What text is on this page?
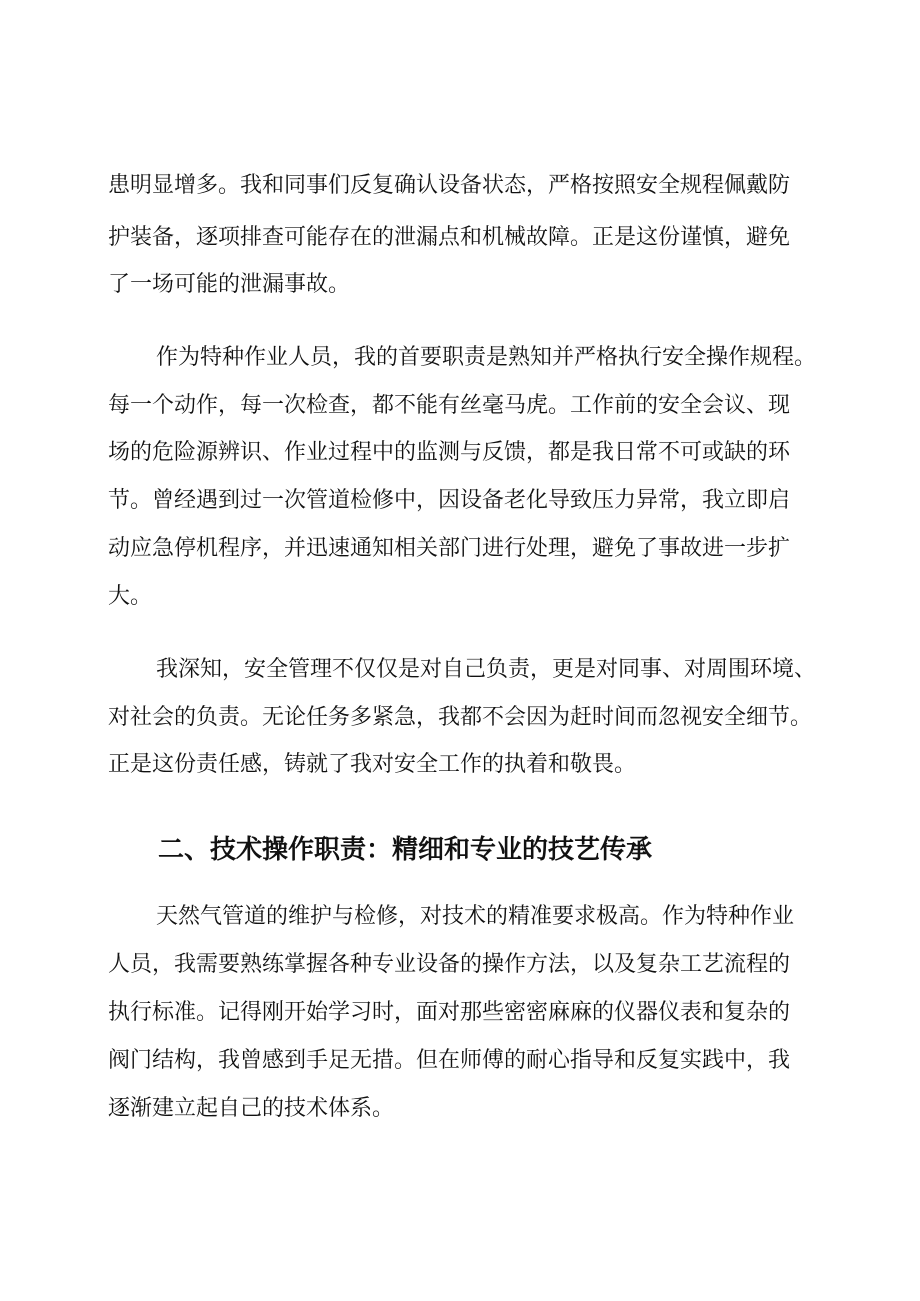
患明显增多。我和同事们反复确认设备状态，严格按照安全规程佩戴防

护装备，逐项排查可能存在的泄漏点和机械故障。正是这份谨慎，避免

了一场可能的泄漏事故。

作为特种作业人员，我的首要职责是熟知并严格执行安全操作规程。

每一个动作，每一次检查，都不能有丝毫马虎。工作前的安全会议、现

场的危险源辨识、作业过程中的监测与反馈，都是我日常不可或缺的环

节。曾经遇到过一次管道检修中，因设备老化导致压力异常，我立即启

动应急停机程序，并迅速通知相关部门进行处理，避免了事故进一步扩

大。

我深知，安全管理不仅仅是对自己负责，更是对同事、对周围环境、

对社会的负责。无论任务多紧急，我都不会因为赶时间而忽视安全细节。

正是这份责任感，铸就了我对安全工作的执着和敬畏。

二、技术操作职责：精细和专业的技艺传承

天然气管道的维护与检修，对技术的精准要求极高。作为特种作业

人员，我需要熟练掌握各种专业设备的操作方法，以及复杂工艺流程的

执行标准。记得刚开始学习时，面对那些密密麻麻的仪器仪表和复杂的

阀门结构，我曾感到手足无措。但在师傅的耐心指导和反复实践中，我

逐渐建立起自己的技术体系。
